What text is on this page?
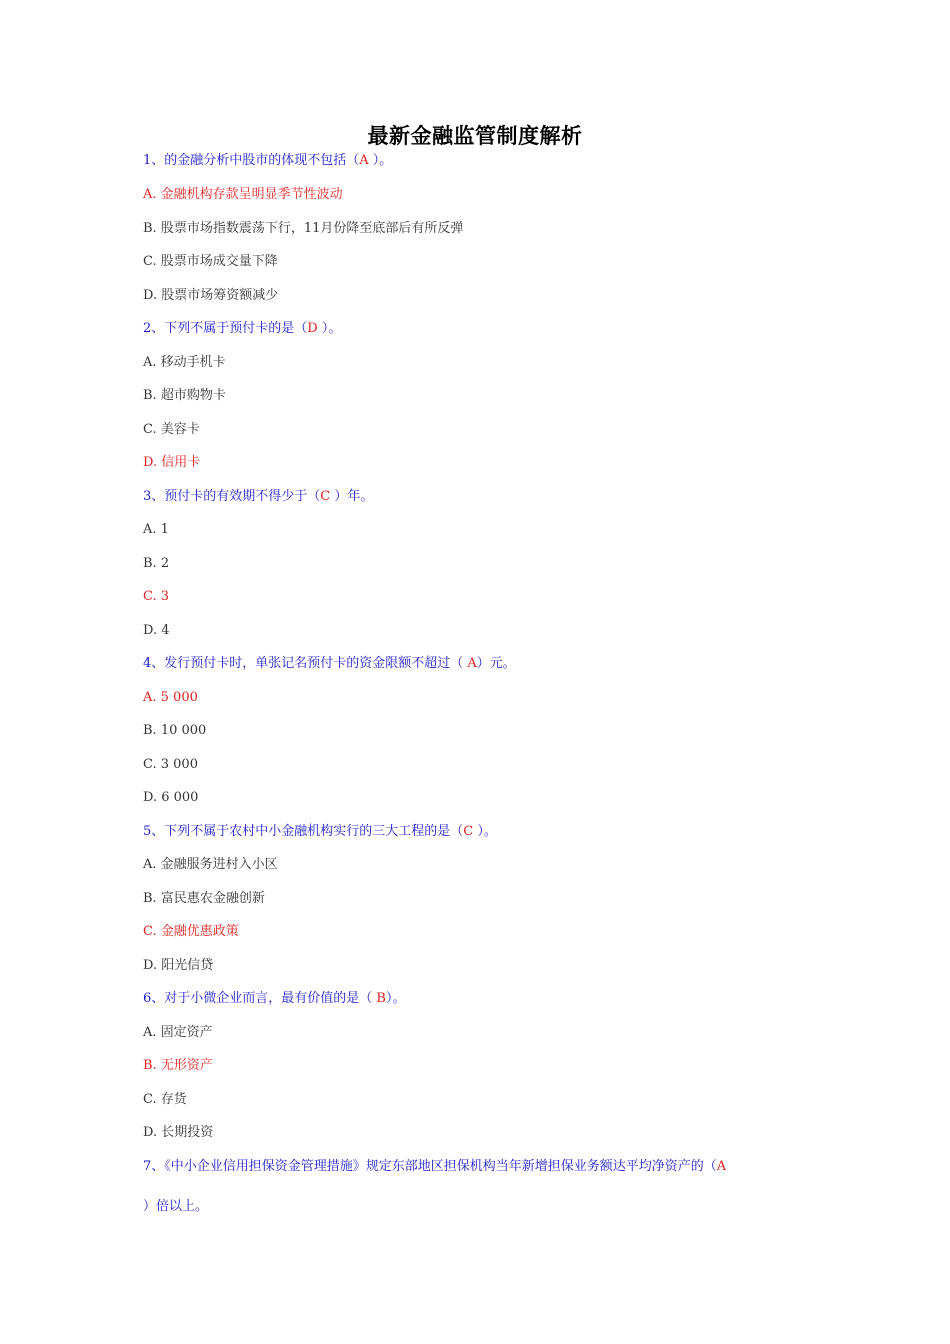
最新金融监管制度解析
1、的金融分析中股市的体现不包括（A ）。
A. 金融机构存款呈明显季节性波动
B. 股票市场指数震荡下行，11月份降至底部后有所反弹
C. 股票市场成交量下降
D. 股票市场筹资额减少
2、下列不属于预付卡的是（D ）。
A. 移动手机卡
B. 超市购物卡
C. 美容卡
D. 信用卡
3、预付卡的有效期不得少于（C ）年。
A. 1
B. 2
C. 3
D. 4
4、发行预付卡时，单张记名预付卡的资金限额不超过（ A）元。
A. 5 000
B. 10 000
C. 3 000
D. 6 000
5、下列不属于农村中小金融机构实行的三大工程的是（C ）。
A. 金融服务进村入小区
B. 富民惠农金融创新
C. 金融优惠政策
D. 阳光信贷
6、对于小微企业而言，最有价值的是（ B）。
A. 固定资产
B. 无形资产
C. 存货
D. 长期投资
7、《中小企业信用担保资金管理措施》规定东部地区担保机构当年新增担保业务额达平均净资产的（A
）倍以上。
